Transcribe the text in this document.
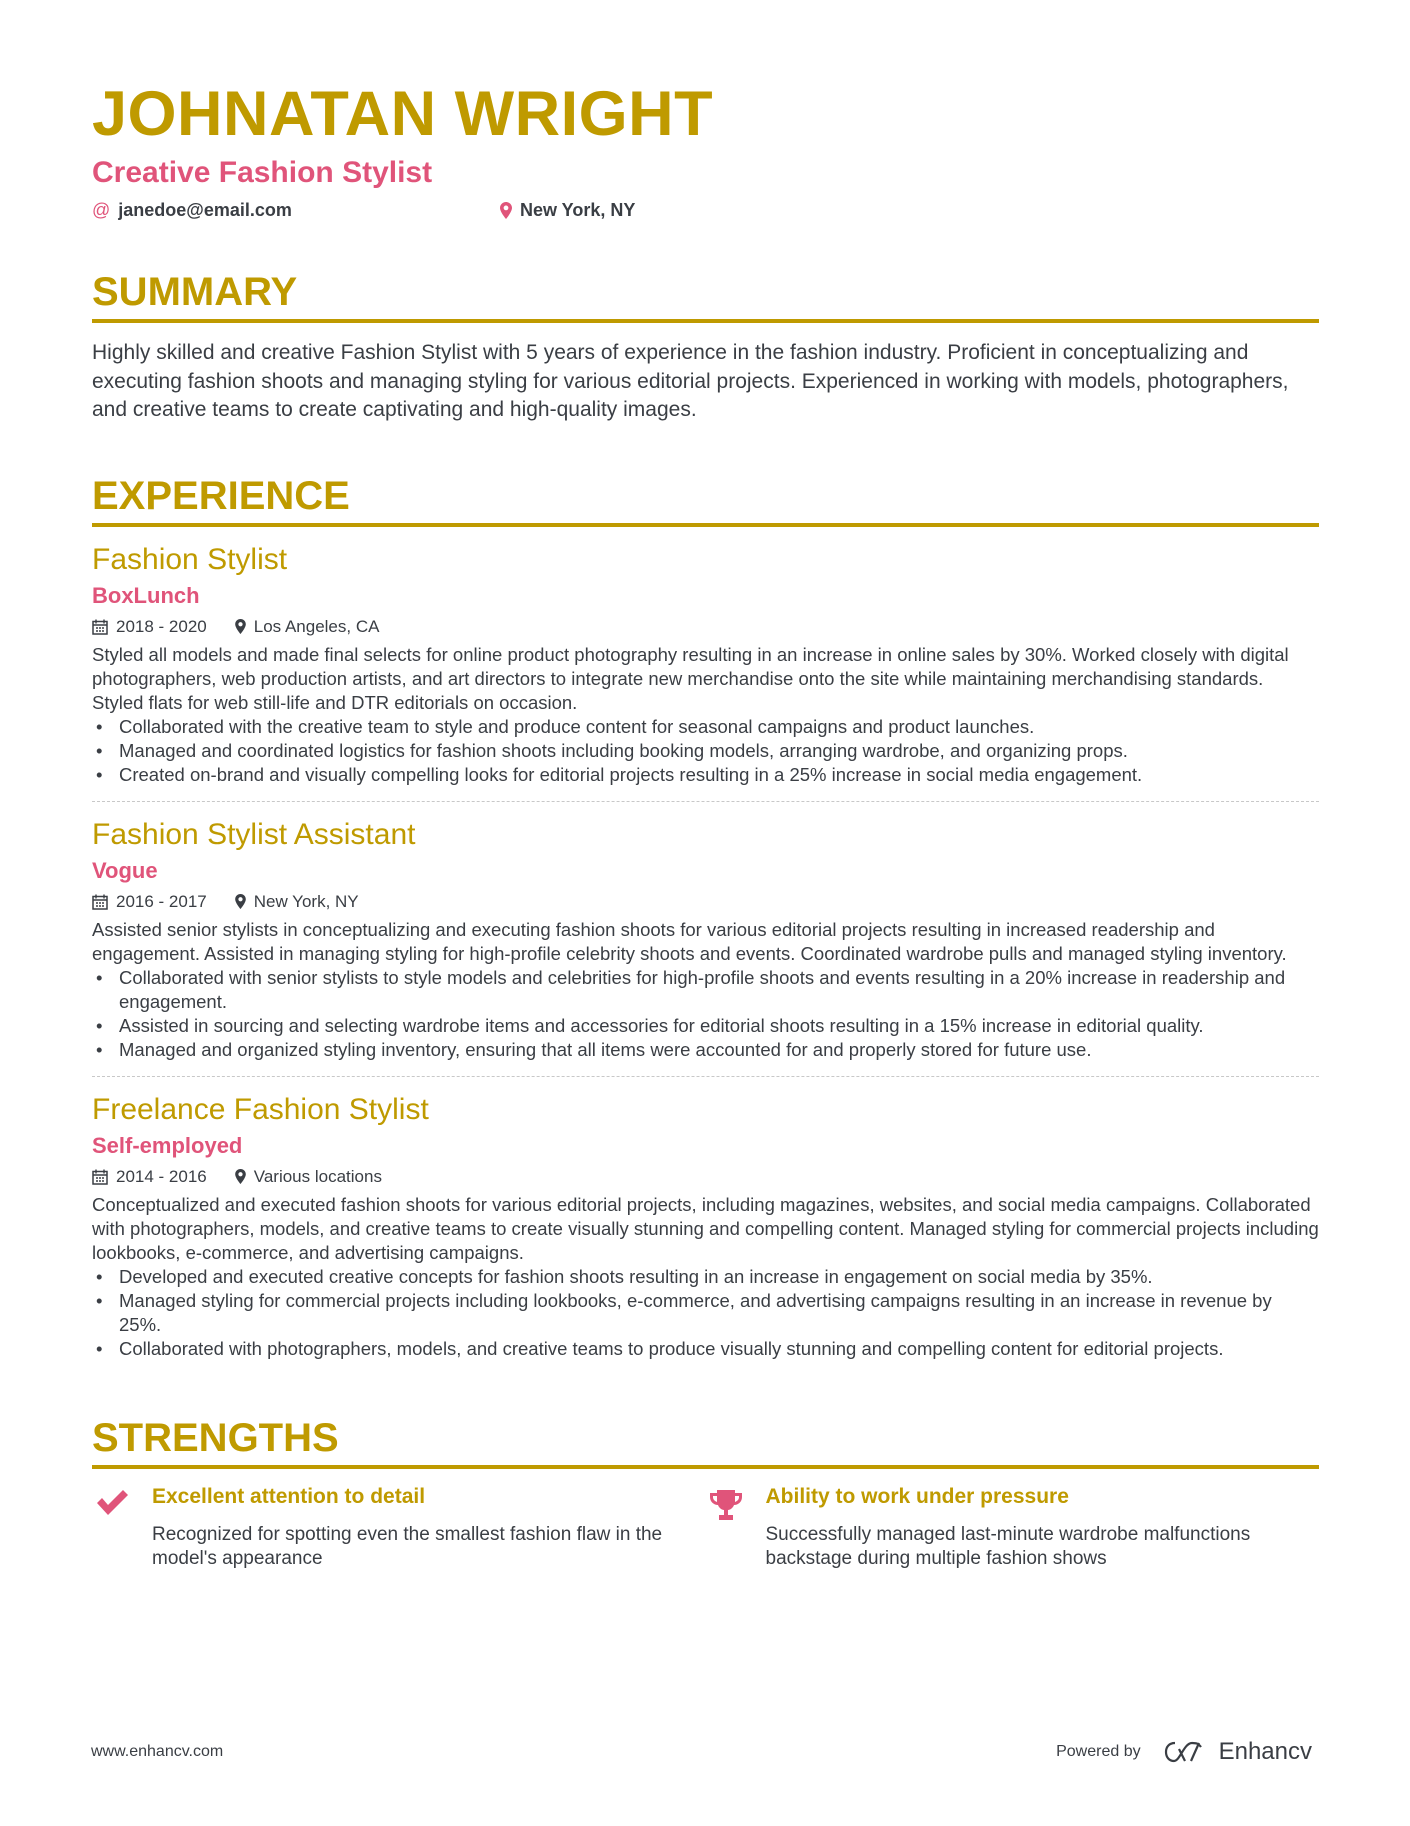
JOHNATAN WRIGHT
Creative Fashion Stylist
@ janedoe@email.com	New York, NY
SUMMARY

Highly skilled and creative Fashion Stylist with 5 years of experience in the fashion industry. Proficient in conceptualizing and executing fashion shoots and managing styling for various editorial projects. Experienced in working with models, photographers, and creative teams to create captivating and high-quality images.

EXPERIENCE
Fashion Stylist
BoxLunch
2018 - 2020	Los Angeles, CA

Styled all models and made final selects for online product photography resulting in an increase in online sales by 30%. Worked closely with digital photographers, web production artists, and art directors to integrate new merchandise onto the site while maintaining merchandising standards. Styled flats for web still-life and DTR editorials on occasion.

• Collaborated with the creative team to style and produce content for seasonal campaigns and product launches.
• Managed and coordinated logistics for fashion shoots including booking models, arranging wardrobe, and organizing props.
• Created on-brand and visually compelling looks for editorial projects resulting in a 25% increase in social media engagement.
Fashion Stylist Assistant
Vogue
2016 - 2017	New York, NY

Assisted senior stylists in conceptualizing and executing fashion shoots for various editorial projects resulting in increased readership and engagement. Assisted in managing styling for high-profile celebrity shoots and events. Coordinated wardrobe pulls and managed styling inventory.

• Collaborated with senior stylists to style models and celebrities for high-profile shoots and events resulting in a 20% increase in readership and engagement.
• Assisted in sourcing and selecting wardrobe items and accessories for editorial shoots resulting in a 15% increase in editorial quality.
• Managed and organized styling inventory, ensuring that all items were accounted for and properly stored for future use.
Freelance Fashion Stylist
Self-employed
2014 - 2016	Various locations

Conceptualized and executed fashion shoots for various editorial projects, including magazines, websites, and social media campaigns. Collaborated with photographers, models, and creative teams to create visually stunning and compelling content. Managed styling for commercial projects including lookbooks, e-commerce, and advertising campaigns.

• Developed and executed creative concepts for fashion shoots resulting in an increase in engagement on social media by 35%.
• Managed styling for commercial projects including lookbooks, e-commerce, and advertising campaigns resulting in an increase in revenue by 25%.
• Collaborated with photographers, models, and creative teams to produce visually stunning and compelling content for editorial projects.
STRENGTHS
Excellent attention to detail

Recognized for spotting even the smallest fashion flaw in the model's appearance

Ability to work under pressure

Successfully managed last-minute wardrobe malfunctions backstage during multiple fashion shows

www.enhancv.com	Powered by	Enhancv
